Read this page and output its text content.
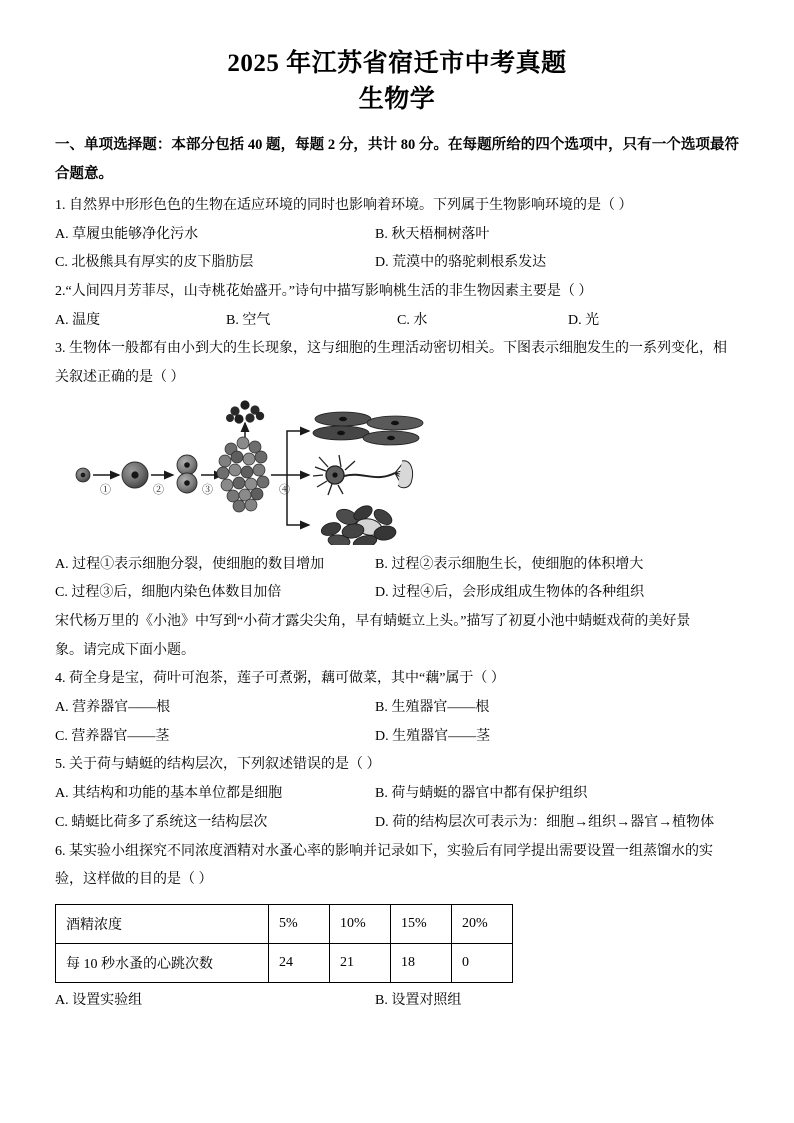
2025 年江苏省宿迁市中考真题
生物学

一、单项选择题：本部分包括 40 题，每题 2 分，共计 80 分。在每题所给的四个选项中，只有一个选项最符合题意。

1. 自然界中形形色色的生物在适应环境的同时也影响着环境。下列属于生物影响环境的是（ ）

A. 草履虫能够净化污水	B. 秋天梧桐树落叶
C. 北极熊具有厚实的皮下脂肪层	D. 荒漠中的骆驼刺根系发达

2.“人间四月芳菲尽，山寺桃花始盛开。”诗句中描写影响桃生活的非生物因素主要是（ ）

A. 温度	B. 空气	C. 水	D. 光

3. 生物体一般都有由小到大的生长现象，这与细胞的生理活动密切相关。下图表示细胞发生的一系列变化，相

关叙述正确的是（ ）

①	②	③	④
A. 过程①表示细胞分裂，使细胞的数目增加	B. 过程②表示细胞生长，使细胞的体积增大
C. 过程③后，细胞内染色体数目加倍	D. 过程④后，会形成组成生物体的各种组织

宋代杨万里的《小池》中写到“小荷才露尖尖角，早有蜻蜓立上头。”描写了初夏小池中蜻蜓戏荷的美好景

象。请完成下面小题。

4. 荷全身是宝，荷叶可泡茶，莲子可煮粥，藕可做菜，其中“藕”属于（ ）

A. 营养器官——根	B. 生殖器官——根
C. 营养器官——茎	D. 生殖器官——茎

5. 关于荷与蜻蜓的结构层次，下列叙述错误的是（ ）

A. 其结构和功能的基本单位都是细胞	B. 荷与蜻蜓的器官中都有保护组织
C. 蜻蜓比荷多了系统这一结构层次	D. 荷的结构层次可表示为：细胞→组织→器官→植物体

6. 某实验小组探究不同浓度酒精对水蚤心率的影响并记录如下，实验后有同学提出需要设置一组蒸馏水的实

验，这样做的目的是（ ）

酒精浓度	5%	10%	15%	20%
每 10 秒水蚤的心跳次数	24	21	18	0
A. 设置实验组	B. 设置对照组
